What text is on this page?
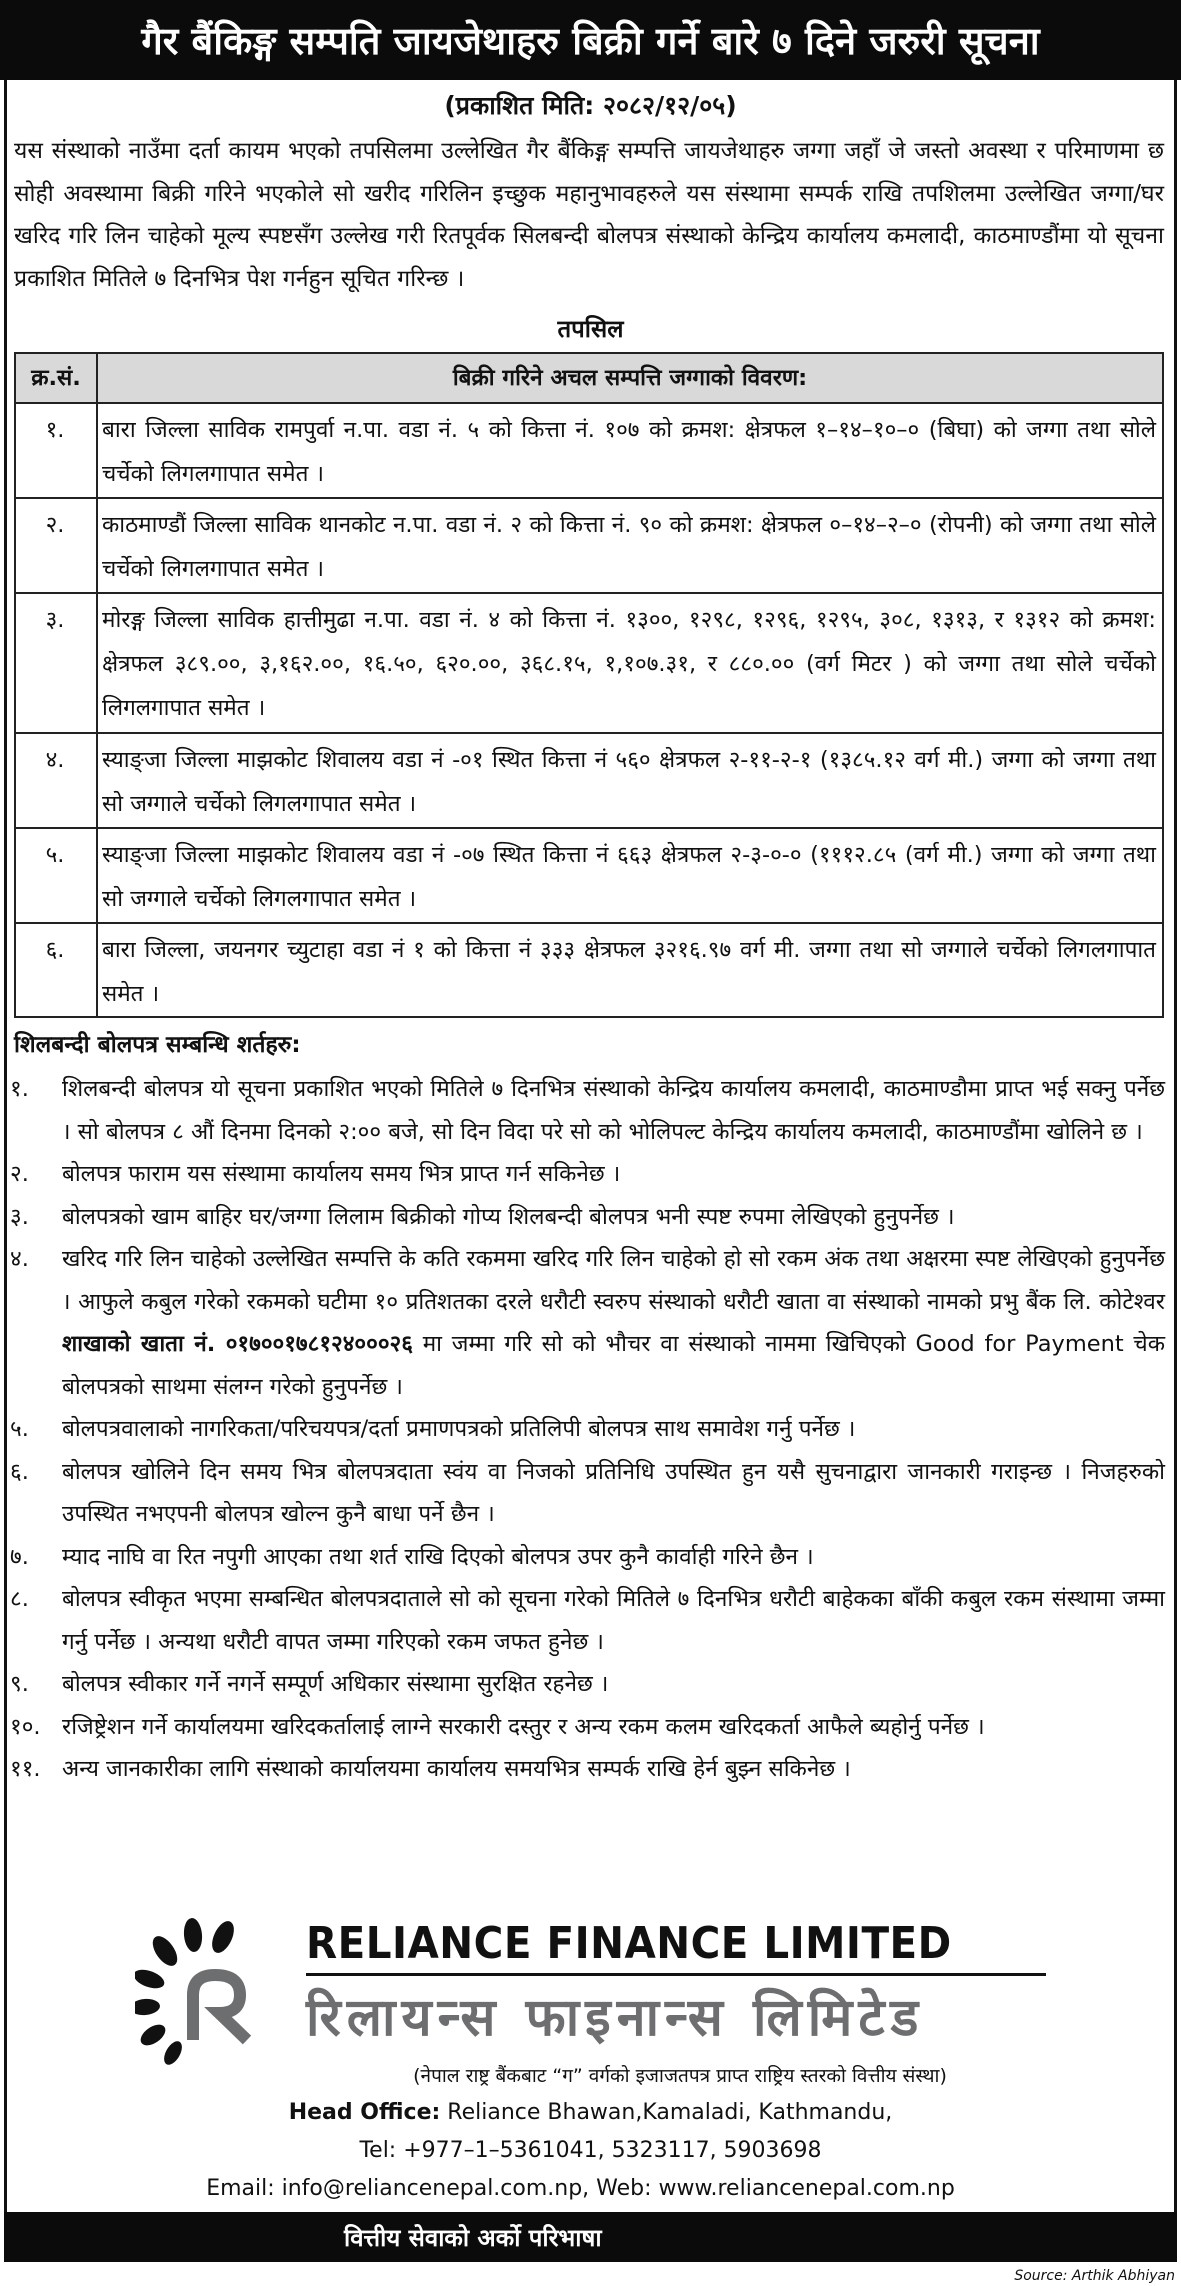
गैर बैंकिङ्ग सम्पति जायजेथाहरु बिक्री गर्ने बारे ७ दिने जरुरी सूचना
(प्रकाशित मिति: २०८२/१२/०५)
यस संस्थाको नाउँमा दर्ता कायम भएको तपसिलमा उल्लेखित गैर बैंकिङ्ग सम्पत्ति जायजेथाहरु जग्गा जहाँ जे जस्तो अवस्था र परिमाणमा छ सोही अवस्थामा बिक्री गरिने भएकोले सो खरीद गरिलिन इच्छुक महानुभावहरुले यस संस्थामा सम्पर्क राखि तपशिलमा उल्लेखित जग्गा/घर खरिद गरि लिन चाहेको मूल्य स्पष्टसँग उल्लेख गरी रितपूर्वक सिलबन्दी बोलपत्र संस्थाको केन्द्रिय कार्यालय कमलादी, काठमाण्डौंमा यो सूचना प्रकाशित मितिले ७ दिनभित्र पेश गर्नहुन सूचित गरिन्छ ।
तपसिल
क्र.सं.	बिक्री गरिने अचल सम्पत्ति जग्गाको विवरण:
१.	बारा जिल्ला साविक रामपुर्वा न.पा. वडा नं. ५ को कित्ता नं. १०७ को क्रमश: क्षेत्रफल १–१४–१०–० (बिघा) को जग्गा तथा सोले चर्चेको लिगलगापात समेत ।
२.	काठमाण्डौं जिल्ला साविक थानकोट न.पा. वडा नं. २ को कित्ता नं. ९० को क्रमश: क्षेत्रफल ०–१४–२–० (रोपनी) को जग्गा तथा सोले चर्चेको लिगलगापात समेत ।
३.	मोरङ्ग जिल्ला साविक हात्तीमुढा न.पा. वडा नं. ४ को कित्ता नं. १३००, १२९८, १२९६, १२९५, ३०८, १३१३, र १३१२ को क्रमश: क्षेत्रफल ३८९.००, ३,१६२.००, १६.५०, ६२०.००, ३६८.१५, १,१०७.३१, र ८८०.०० (वर्ग मिटर ) को जग्गा तथा सोले चर्चेको लिगलगापात समेत ।
४.	स्याङ्जा जिल्ला माझकोट शिवालय वडा नं -०१ स्थित कित्ता नं ५६० क्षेत्रफल २-११-२-१ (१३८५.१२ वर्ग मी.) जग्गा को जग्गा तथा सो जग्गाले चर्चेको लिगलगापात समेत ।
५.	स्याङ्जा जिल्ला माझकोट शिवालय वडा नं -०७ स्थित कित्ता नं ६६३ क्षेत्रफल २-३-०-० (१११२.८५ (वर्ग मी.) जग्गा को जग्गा तथा सो जग्गाले चर्चेको लिगलगापात समेत ।
६.	बारा जिल्ला, जयनगर च्युटाहा वडा नं १ को कित्ता नं ३३३ क्षेत्रफल ३२१६.९७ वर्ग मी. जग्गा तथा सो जग्गाले चर्चेको लिगलगापात समेत ।
शिलबन्दी बोलपत्र सम्बन्धि शर्तहरु:
१.	शिलबन्दी बोलपत्र यो सूचना प्रकाशित भएको मितिले ७ दिनभित्र संस्थाको केन्द्रिय कार्यालय कमलादी, काठमाण्डौमा प्राप्त भई सक्नु पर्नेछ । सो बोलपत्र ८ औं दिनमा दिनको २:०० बजे, सो दिन विदा परे सो को भोलिपल्ट केन्द्रिय कार्यालय कमलादी, काठमाण्डौंमा खोलिने छ ।
२.	बोलपत्र फाराम यस संस्थामा कार्यालय समय भित्र प्राप्त गर्न सकिनेछ ।
३.	बोलपत्रको खाम बाहिर घर/जग्गा लिलाम बिक्रीको गोप्य शिलबन्दी बोलपत्र भनी स्पष्ट रुपमा लेखिएको हुनुपर्नेछ ।
४.	खरिद गरि लिन चाहेको उल्लेखित सम्पत्ति के कति रकममा खरिद गरि लिन चाहेको हो सो रकम अंक तथा अक्षरमा स्पष्ट लेखिएको हुनुपर्नेछ । आफुले कबुल गरेको रकमको घटीमा १० प्रतिशतका दरले धरौटी स्वरुप संस्थाको धरौटी खाता वा संस्थाको नामको प्रभु बैंक लि. कोटेश्वर शाखाको खाता नं. ०१७००१७८१२४०००२६ मा जम्मा गरि सो को भौचर वा संस्थाको नाममा खिचिएको Good for Payment चेक बोलपत्रको साथमा संलग्न गरेको हुनुपर्नेछ ।
५.	बोलपत्रवालाको नागरिकता/परिचयपत्र/दर्ता प्रमाणपत्रको प्रतिलिपी बोलपत्र साथ समावेश गर्नु पर्नेछ ।
६.	बोलपत्र खोलिने दिन समय भित्र बोलपत्रदाता स्वंय वा निजको प्रतिनिधि उपस्थित हुन यसै सुचनाद्वारा जानकारी गराइन्छ । निजहरुको उपस्थित नभएपनी बोलपत्र खोल्न कुनै बाधा पर्ने छैन ।
७.	म्याद नाघि वा रित नपुगी आएका तथा शर्त राखि दिएको बोलपत्र उपर कुनै कार्वाही गरिने छैन ।
८.	बोलपत्र स्वीकृत भएमा सम्बन्धित बोलपत्रदाताले सो को सूचना गरेको मितिले ७ दिनभित्र धरौटी बाहेकका बाँकी कबुल रकम संस्थामा जम्मा गर्नु पर्नेछ । अन्यथा धरौटी वापत जम्मा गरिएको रकम जफत हुनेछ ।
९.	बोलपत्र स्वीकार गर्ने नगर्ने सम्पूर्ण अधिकार संस्थामा सुरक्षित रहनेछ ।
१०. रजिष्ट्रेशन गर्ने कार्यालयमा खरिदकर्तालाई लाग्ने सरकारी दस्तुर र अन्य रकम कलम खरिदकर्ता आफैले ब्यहोर्नु पर्नेछ ।
११. अन्य जानकारीका लागि संस्थाको कार्यालयमा कार्यालय समयभित्र सम्पर्क राखि हेर्न बुझ्न सकिनेछ ।
RELIANCE FINANCE LIMITED
रिलायन्स फाइनान्स लिमिटेड
(नेपाल राष्ट्र बैंकबाट “ग” वर्गको इजाजतपत्र प्राप्त राष्ट्रिय स्तरको वित्तीय संस्था)
Head Office: Reliance Bhawan,Kamaladi, Kathmandu,
Tel: +977–1–5361041, 5323117, 5903698
Email: info@reliancenepal.com.np, Web: www.reliancenepal.com.np
वित्तीय सेवाको अर्को परिभाषा
Source: Arthik Abhiyan
